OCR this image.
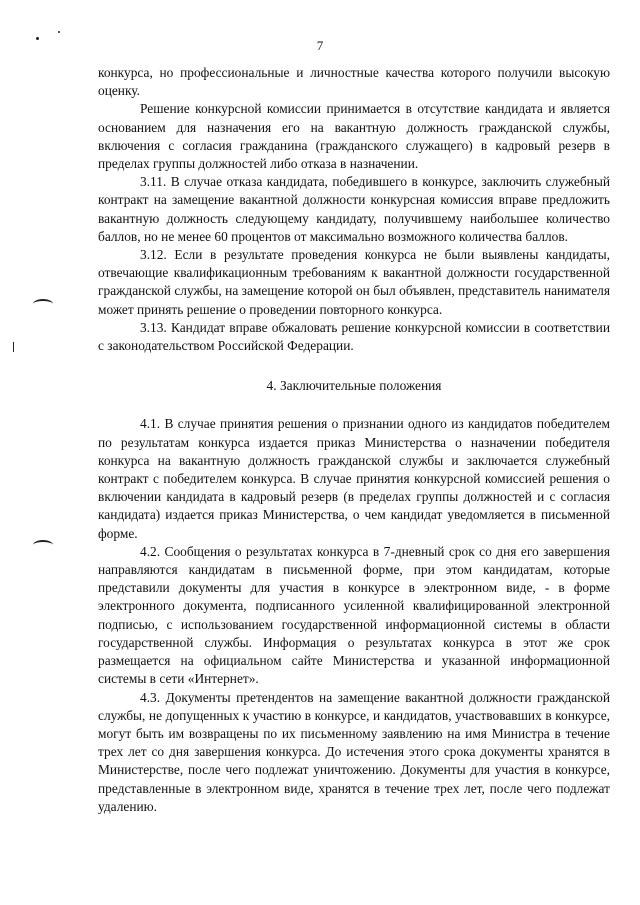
7

конкурса, но профессиональные и личностные качества которого получили высокую оценку.

Решение конкурсной комиссии принимается в отсутствие кандидата и является основанием для назначения его на вакантную должность гражданской службы, включения с согласия гражданина (гражданского служащего) в кадровый резерв в пределах группы должностей либо отказа в назначении.

3.11. В случае отказа кандидата, победившего в конкурсе, заключить служебный контракт на замещение вакантной должности конкурсная комиссия вправе предложить вакантную должность следующему кандидату, получившему наибольшее количество баллов, но не менее 60 процентов от максимально возможного количества баллов.

3.12. Если в результате проведения конкурса не были выявлены кандидаты, отвечающие квалификационным требованиям к вакантной должности государственной гражданской службы, на замещение которой он был объявлен, представитель нанимателя может принять решение о проведении повторного конкурса.

3.13. Кандидат вправе обжаловать решение конкурсной комиссии в соответствии с законодательством Российской Федерации.

4. Заключительные положения

4.1. В случае принятия решения о признании одного из кандидатов победителем по результатам конкурса издается приказ Министерства о назначении победителя конкурса на вакантную должность гражданской службы и заключается служебный контракт с победителем конкурса. В случае принятия конкурсной комиссией решения о включении кандидата в кадровый резерв (в пределах группы должностей и с согласия кандидата) издается приказ Министерства, о чем кандидат уведомляется в письменной форме.

4.2. Сообщения о результатах конкурса в 7-дневный срок со дня его завершения направляются кандидатам в письменной форме, при этом кандидатам, которые представили документы для участия в конкурсе в электронном виде, - в форме электронного документа, подписанного усиленной квалифицированной электронной подписью, с использованием государственной информационной системы в области государственной службы. Информация о результатах конкурса в этот же срок размещается на официальном сайте Министерства и указанной информационной системы в сети «Интернет».

4.3. Документы претендентов на замещение вакантной должности гражданской службы, не допущенных к участию в конкурсе, и кандидатов, участвовавших в конкурсе, могут быть им возвращены по их письменному заявлению на имя Министра в течение трех лет со дня завершения конкурса. До истечения этого срока документы хранятся в Министерстве, после чего подлежат уничтожению. Документы для участия в конкурсе, представленные в электронном виде, хранятся в течение трех лет, после чего подлежат удалению.
